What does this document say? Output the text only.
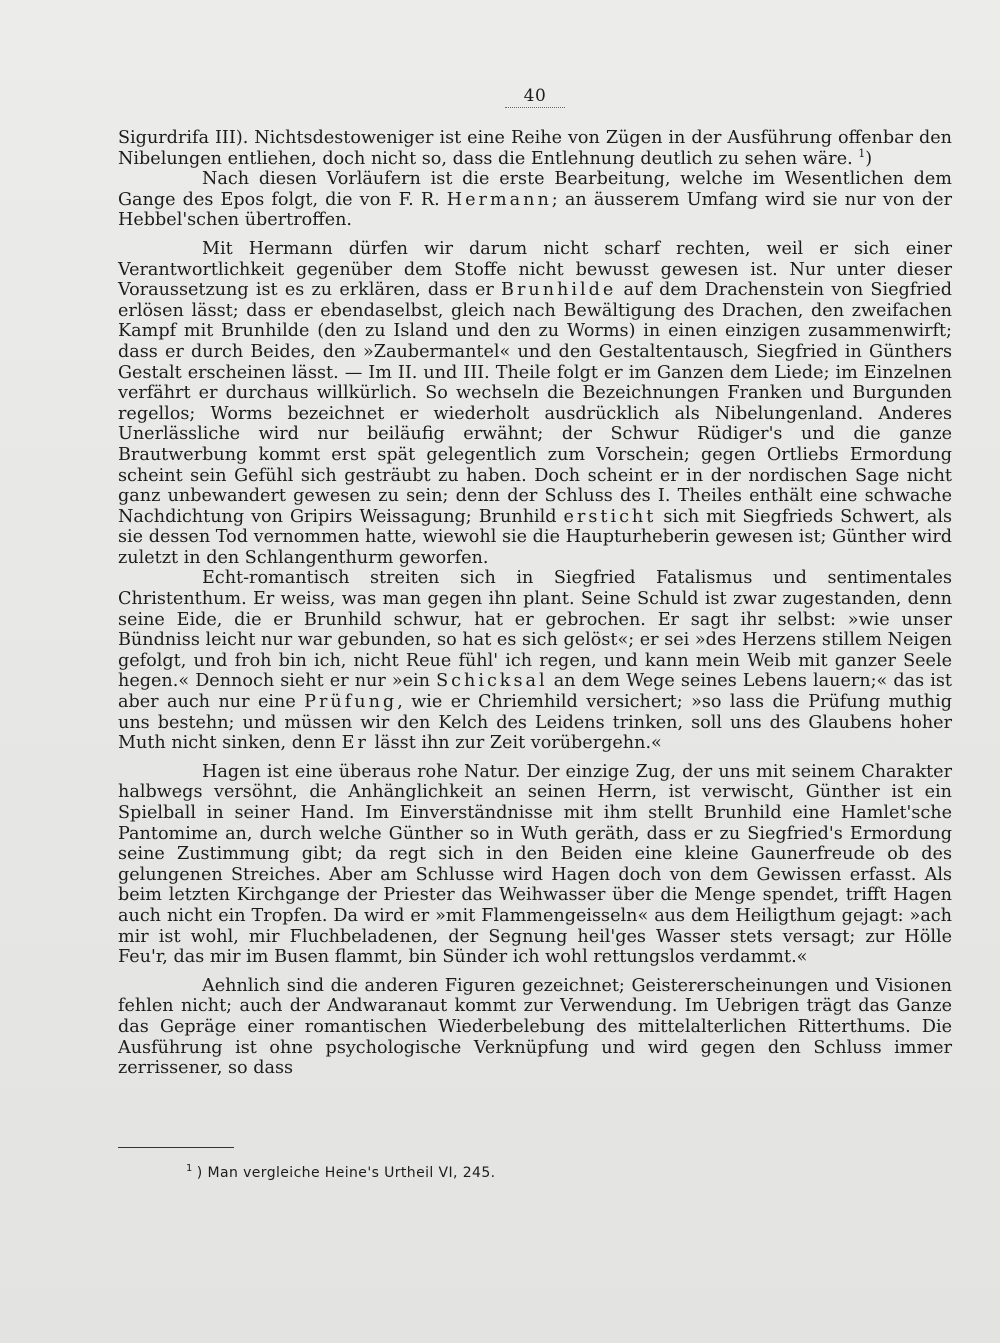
40

Sigurdrifa III). Nichtsdestoweniger ist eine Reihe von Zügen in der Ausführung offenbar den Nibelungen entliehen, doch nicht so, dass die Entlehnung deutlich zu sehen wäre. $^1$)

Nach diesen Vorläufern ist die erste Bearbeitung, welche im Wesentlichen dem Gange des Epos folgt, die von F. R. Hermann; an äusserem Umfang wird sie nur von der Hebbel'schen übertroffen.

Mit Hermann dürfen wir darum nicht scharf rechten, weil er sich einer Verantwortlichkeit gegenüber dem Stoffe nicht bewusst gewesen ist. Nur unter dieser Voraussetzung ist es zu erklären, dass er Brunhilde auf dem Drachenstein von Siegfried erlösen lässt; dass er ebendaselbst, gleich nach Bewältigung des Drachen, den zweifachen Kampf mit Brunhilde (den zu Island und den zu Worms) in einen einzigen zusammenwirft; dass er durch Beides, den »Zaubermantel« und den Gestaltentausch, Siegfried in Günthers Gestalt erscheinen lässt. — Im II. und III. Theile folgt er im Ganzen dem Liede; im Einzelnen verfährt er durchaus willkürlich. So wechseln die Bezeichnungen Franken und Burgunden regellos; Worms bezeichnet er wiederholt ausdrücklich als Nibelungenland. Anderes Unerlässliche wird nur beiläufig erwähnt; der Schwur Rüdiger's und die ganze Brautwerbung kommt erst spät gelegentlich zum Vorschein; gegen Ortliebs Ermordung scheint sein Gefühl sich gesträubt zu haben. Doch scheint er in der nordischen Sage nicht ganz unbewandert gewesen zu sein; denn der Schluss des I. Theiles enthält eine schwache Nachdichtung von Gripirs Weissagung; Brunhild ersticht sich mit Siegfrieds Schwert, als sie dessen Tod vernommen hatte, wiewohl sie die Haupturheberin gewesen ist; Günther wird zuletzt in den Schlangenthurm geworfen.

Echt-romantisch streiten sich in Siegfried Fatalismus und sentimentales Christenthum. Er weiss, was man gegen ihn plant. Seine Schuld ist zwar zugestanden, denn seine Eide, die er Brunhild schwur, hat er gebrochen. Er sagt ihr selbst: »wie unser Bündniss leicht nur war gebunden, so hat es sich gelöst«; er sei »des Herzens stillem Neigen gefolgt, und froh bin ich, nicht Reue fühl' ich regen, und kann mein Weib mit ganzer Seele hegen.« Dennoch sieht er nur »ein Schicksal an dem Wege seines Lebens lauern;« das ist aber auch nur eine Prüfung, wie er Chriemhild versichert; »so lass die Prüfung muthig uns bestehn; und müssen wir den Kelch des Leidens trinken, soll uns des Glaubens hoher Muth nicht sinken, denn Er lässt ihn zur Zeit vorübergehn.«

Hagen ist eine überaus rohe Natur. Der einzige Zug, der uns mit seinem Charakter halbwegs versöhnt, die Anhänglichkeit an seinen Herrn, ist verwischt, Günther ist ein Spielball in seiner Hand. Im Einverständnisse mit ihm stellt Brunhild eine Hamlet'sche Pantomime an, durch welche Günther so in Wuth geräth, dass er zu Siegfried's Ermordung seine Zustimmung gibt; da regt sich in den Beiden eine kleine Gaunerfreude ob des gelungenen Streiches. Aber am Schlusse wird Hagen doch von dem Gewissen erfasst. Als beim letzten Kirchgange der Priester das Weihwasser über die Menge spendet, trifft Hagen auch nicht ein Tropfen. Da wird er »mit Flammengeisseln« aus dem Heiligthum gejagt: »ach mir ist wohl, mir Fluchbeladenen, der Segnung heil'ges Wasser stets versagt; zur Hölle Feu'r, das mir im Busen flammt, bin Sünder ich wohl rettungslos verdammt.«

Aehnlich sind die anderen Figuren gezeichnet; Geistererscheinungen und Visionen fehlen nicht; auch der Andwaranaut kommt zur Verwendung. Im Uebrigen trägt das Ganze das Gepräge einer romantischen Wiederbelebung des mittelalterlichen Ritterthums. Die Ausführung ist ohne psychologische Verknüpfung und wird gegen den Schluss immer zerrissener, so dass

$^1$ ) Man vergleiche Heine's Urtheil VI, 245.
